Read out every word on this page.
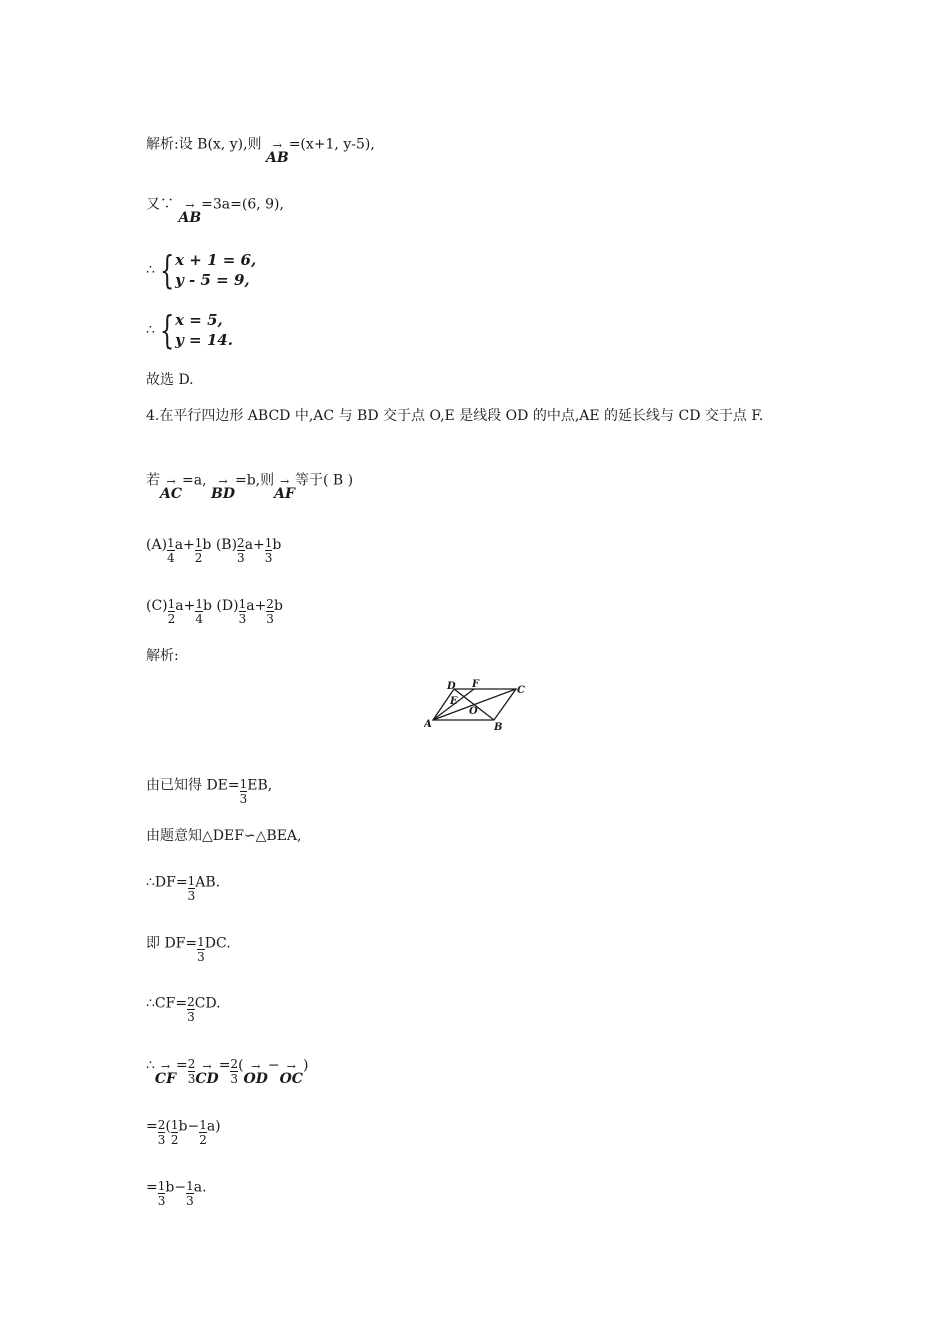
解析:设 B(x, y),则 →
AB
=(x+1, y-5),
又∵ →
AB
=3a=(6, 9),
∴ { x + 1 = 6,
y - 5 = 9,
∴ { x = 5,
y = 14.
故选 D.
4.在平行四边形 ABCD 中,AC 与 BD 交于点 O,E 是线段 OD 的中点,AE 的延长线与 CD 交于点 F.
若 →
AC
=a,	→
BD
=b,则 →
AF
等于( B )
$(A) \frac{1}{4} a+ \frac{1}{2}$ b $(B) \frac{2}{3} a+ \frac{1}{3}$ b
$(C) \frac{1}{2} a+ \frac{1}{4}$ b $(D) \frac{1}{3} a+ \frac{2}{3}$ b
解析:
A	B
C
D
E
F
O
由已知得 $DE= \frac{1}{3}$ EB,
由题意知△DEF∽△BEA,
∴DF= $\frac{1}{3}$ AB.
即 $DF= \frac{1}{3}$ DC.
∴CF= $\frac{2}{3}$ CD.
∴ →
CF
= $\frac{2}{3}$ →
CD
= $\frac{2}{3}$ ( →
OD
− →
OC
)
= $\frac{2}{3}$ ( $\frac{1}{2} b- \frac{1}{2} a$)
= $\frac{1}{3} b- \frac{1}{3} a$.
